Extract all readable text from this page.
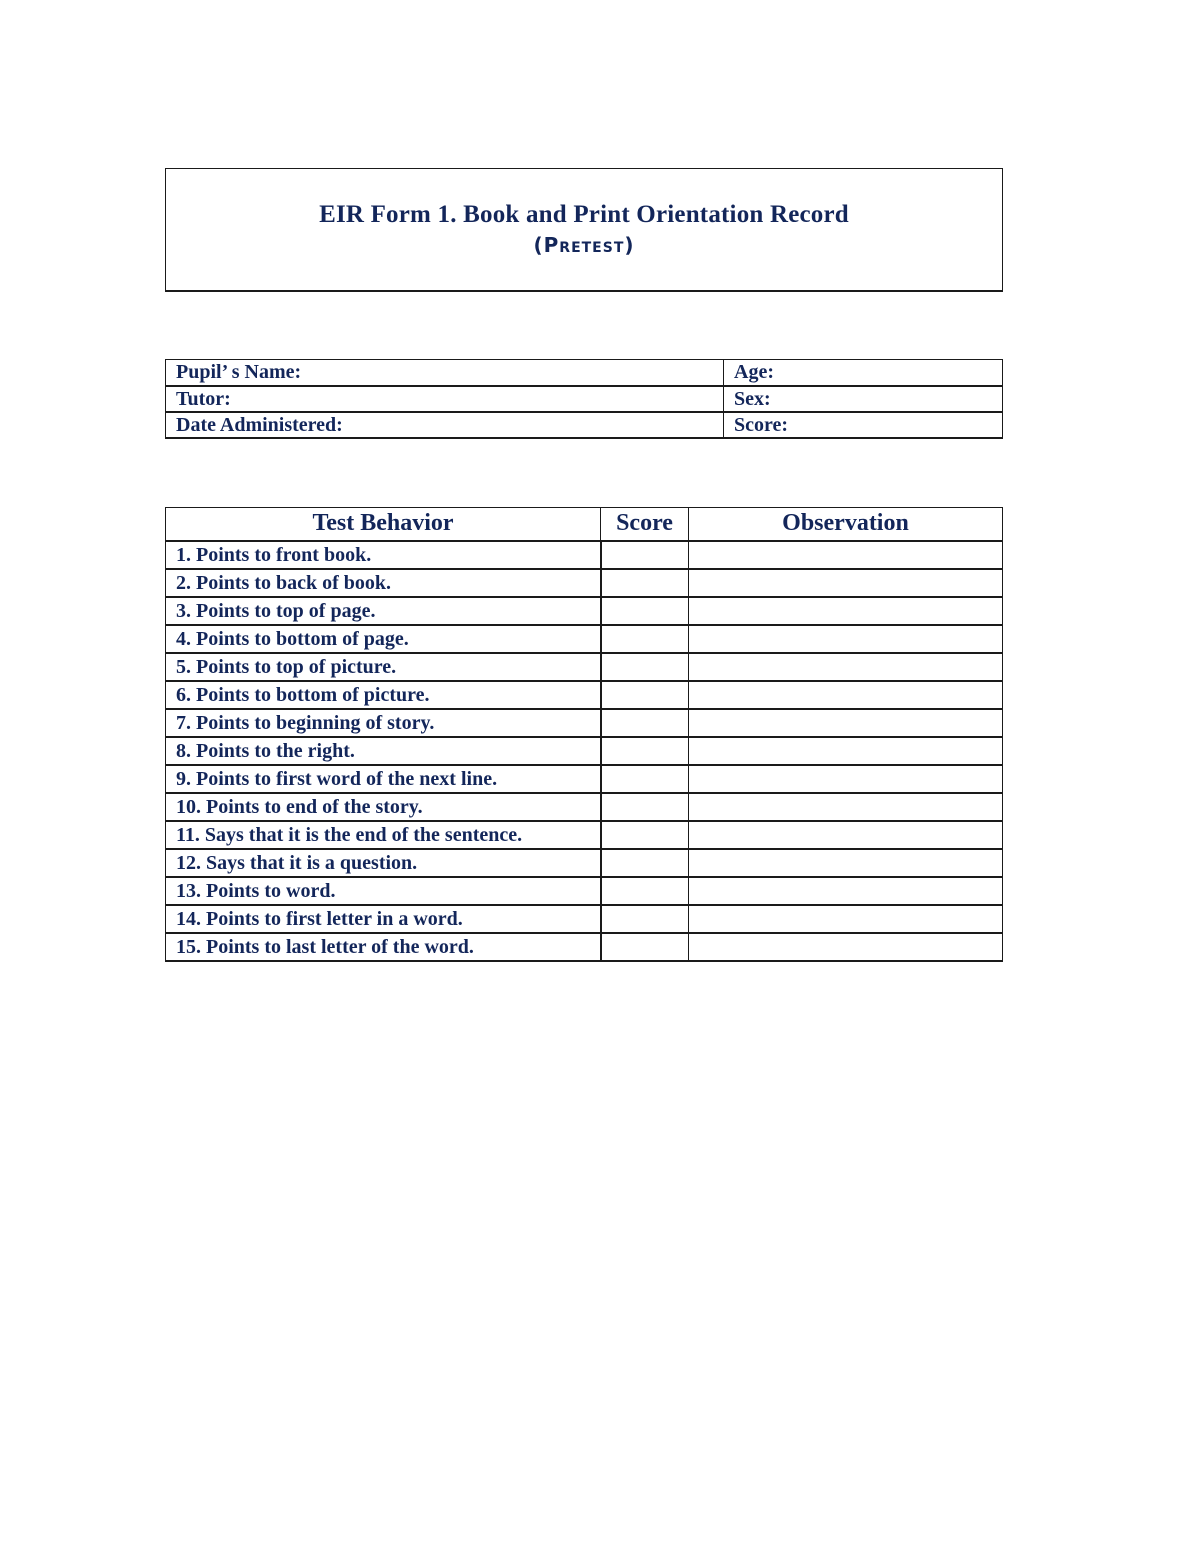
EIR Form 1. Book and Print Orientation Record
(Pretest)
Pupil’ s Name:	Age:
Tutor:	Sex:
Date Administered:	Score:
Test Behavior	Score	Observation
1. Points to front book.		
2. Points to back of book.		
3. Points to top of page.		
4. Points to bottom of page.		
5. Points to top of picture.		
6. Points to bottom of picture.		
7. Points to beginning of story.		
8. Points to the right.		
9. Points to first word of the next line.		
10. Points to end of the story.		
11. Says that it is the end of the sentence.		
12. Says that it is a question.		
13. Points to word.		
14. Points to first letter in a word.		
15. Points to last letter of the word.		
